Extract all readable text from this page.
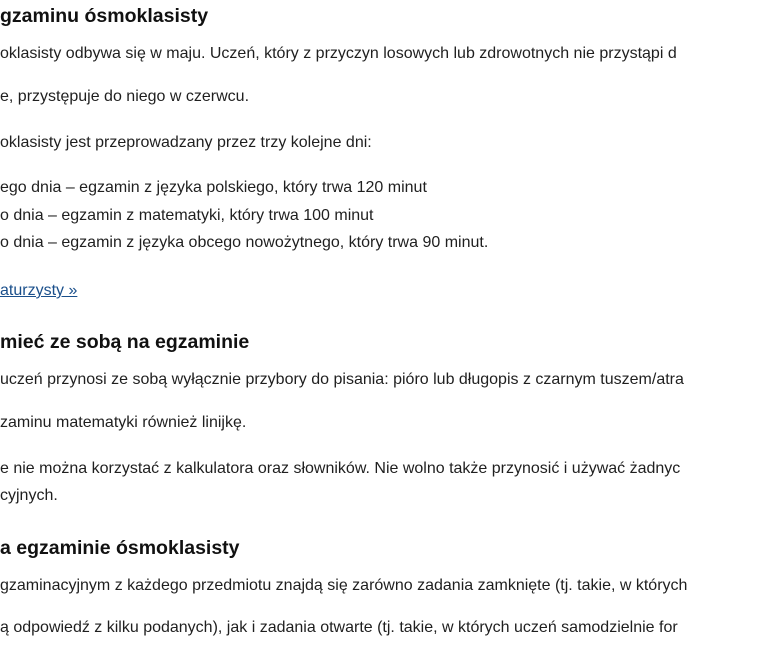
gzaminu ósmoklasisty
oklasisty odbywa się w maju. Uczeń, który z przyczyn losowych lub zdrowotnych nie przystąpi d
e, przystępuje do niego w czerwcu.
oklasisty jest przeprowadzany przez trzy kolejne dni:
ego dnia – egzamin z języka polskiego, który trwa 120 minut
o dnia – egzamin z matematyki, który trwa 100 minut
o dnia – egzamin z języka obcego nowożytnego, który trwa 90 minut.
aturzysty »
mieć ze sobą na egzaminie
uczeń przynosi ze sobą wyłącznie przybory do pisania: pióro lub długopis z czarnym tuszem/atra
zaminu matematyki również linijkę.
e nie można korzystać z kalkulatora oraz słowników. Nie wolno także przynosić i używać żadnyc
cyjnych.
a egzaminie ósmoklasisty
gzaminacyjnym z każdego przedmiotu znajdą się zarówno zadania zamknięte (tj. takie, w których
ą odpowiedź z kilku podanych), jak i zadania otwarte (tj. takie, w których uczeń samodzielnie for
